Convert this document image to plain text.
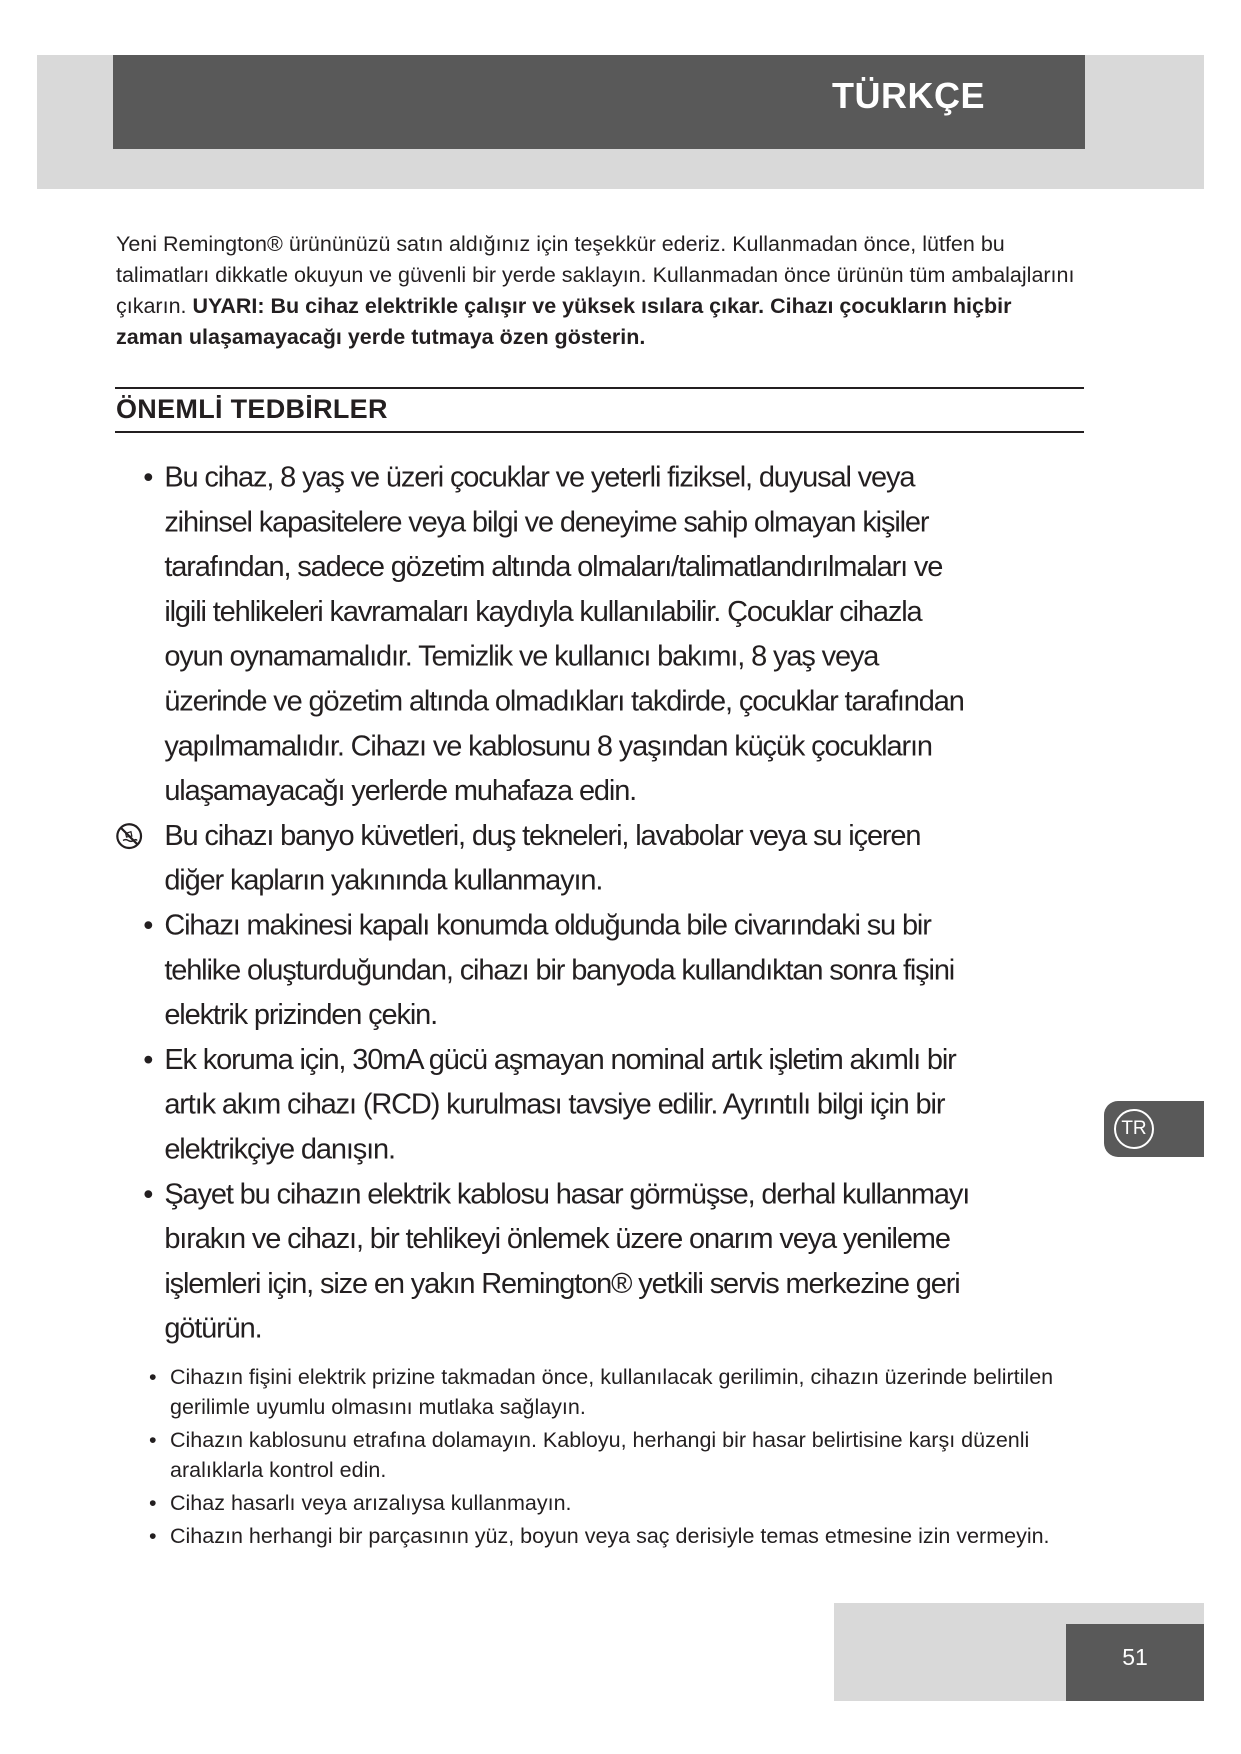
TÜRKÇE

Yeni Remington® ürününüzü satın aldığınız için teşekkür ederiz. Kullanmadan önce, lütfen bu talimatları dikkatle okuyun ve güvenli bir yerde saklayın. Kullanmadan önce ürünün tüm ambalajlarını çıkarın. UYARI: Bu cihaz elektrikle çalışır ve yüksek ısılara çıkar. Cihazı çocukların hiçbir zaman ulaşamayacağı yerde tutmaya özen gösterin.

ÖNEMLİ TEDBİRLER
• Bu cihaz, 8 yaş ve üzeri çocuklar ve yeterli fiziksel, duyusal veya zihinsel kapasitelere veya bilgi ve deneyime sahip olmayan kişiler tarafından, sadece gözetim altında olmaları/talimatlandırılmaları ve ilgili tehlikeleri kavramaları kaydıyla kullanılabilir. Çocuklar cihazla oyun oynamamalıdır. Temizlik ve kullanıcı bakımı, 8 yaş veya üzerinde ve gözetim altında olmadıkları takdirde, çocuklar tarafından yapılmamalıdır. Cihazı ve kablosunu 8 yaşından küçük çocukların ulaşamayacağı yerlerde muhafaza edin.
Bu cihazı banyo küvetleri, duş tekneleri, lavabolar veya su içeren diğer kapların yakınında kullanmayın.
• Cihazı makinesi kapalı konumda olduğunda bile civarındaki su bir tehlike oluşturduğundan, cihazı bir banyoda kullandıktan sonra fişini elektrik prizinden çekin.
• Ek koruma için, 30mA gücü aşmayan nominal artık işletim akımlı bir artık akım cihazı (RCD) kurulması tavsiye edilir. Ayrıntılı bilgi için bir elektrikçiye danışın.
• Şayet bu cihazın elektrik kablosu hasar görmüşse, derhal kullanmayı bırakın ve cihazı, bir tehlikeyi önlemek üzere onarım veya yenileme işlemleri için, size en yakın Remington® yetkili servis merkezine geri götürün.
• Cihazın fişini elektrik prizine takmadan önce, kullanılacak gerilimin, cihazın üzerinde belirtilen gerilimle uyumlu olmasını mutlaka sağlayın.
• Cihazın kablosunu etrafına dolamayın. Kabloyu, herhangi bir hasar belirtisine karşı düzenli aralıklarla kontrol edin.
• Cihaz hasarlı veya arızalıysa kullanmayın.
• Cihazın herhangi bir parçasının yüz, boyun veya saç derisiyle temas etmesine izin vermeyin.
TR
51
